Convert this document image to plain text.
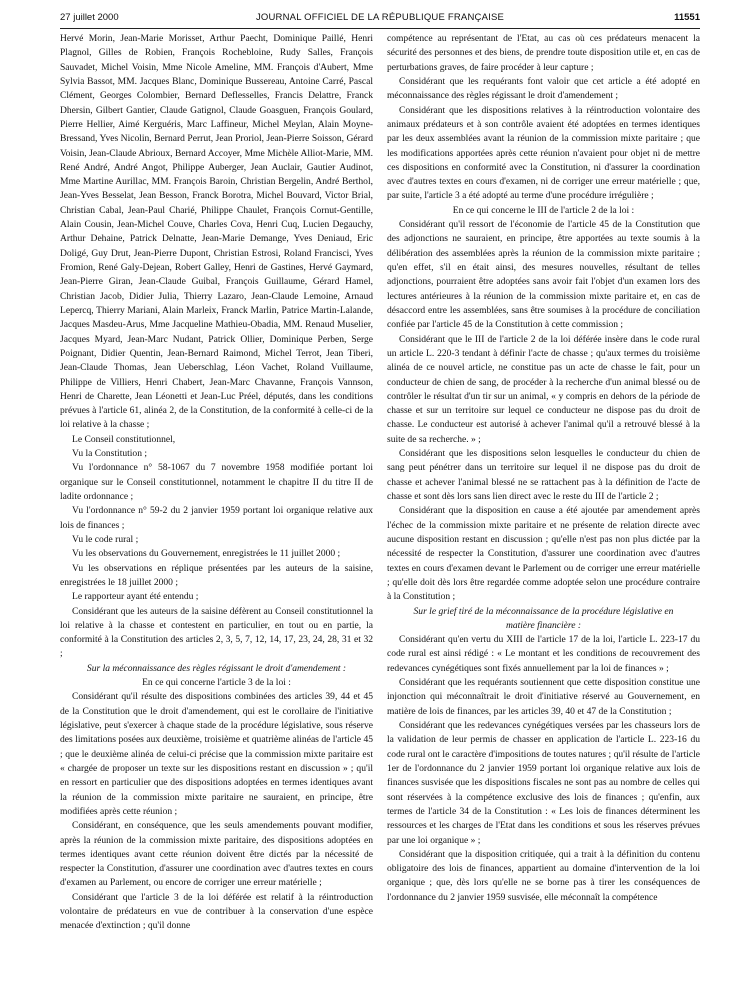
27 juillet 2000	JOURNAL OFFICIEL DE LA RÉPUBLIQUE FRANÇAISE	11551

Hervé Morin, Jean-Marie Morisset, Arthur Paecht, Dominique Paillé, Henri Plagnol, Gilles de Robien, François Rochebloine, Rudy Salles, François Sauvadet, Michel Voisin, Mme Nicole Ameline, MM. François d'Aubert, Mme Sylvia Bassot, MM. Jacques Blanc, Dominique Bussereau, Antoine Carré, Pascal Clément, Georges Colombier, Bernard Deflesselles, Francis Delattre, Franck Dhersin, Gilbert Gantier, Claude Gatignol, Claude Goasguen, François Goulard, Pierre Hellier, Aimé Kerguéris, Marc Laffineur, Michel Meylan, Alain Moyne-Bressand, Yves Nicolin, Bernard Perrut, Jean Proriol, Jean-Pierre Soisson, Gérard Voisin, Jean-Claude Abrioux, Bernard Accoyer, Mme Michèle Alliot-Marie, MM. René André, André Angot, Philippe Auberger, Jean Auclair, Gautier Audinot, Mme Martine Aurillac, MM. François Baroin, Christian Bergelin, André Berthol, Jean-Yves Besselat, Jean Besson, Franck Borotra, Michel Bouvard, Victor Brial, Christian Cabal, Jean-Paul Charié, Philippe Chaulet, François Cornut-Gentille, Alain Cousin, Jean-Michel Couve, Charles Cova, Henri Cuq, Lucien Degauchy, Arthur Dehaine, Patrick Delnatte, Jean-Marie Demange, Yves Deniaud, Eric Doligé, Guy Drut, Jean-Pierre Dupont, Christian Estrosi, Roland Francisci, Yves Fromion, René Galy-Dejean, Robert Galley, Henri de Gastines, Hervé Gaymard, Jean-Pierre Giran, Jean-Claude Guibal, François Guillaume, Gérard Hamel, Christian Jacob, Didier Julia, Thierry Lazaro, Jean-Claude Lemoine, Arnaud Lepercq, Thierry Mariani, Alain Marleix, Franck Marlin, Patrice Martin-Lalande, Jacques Masdeu-Arus, Mme Jacqueline Mathieu-Obadia, MM. Renaud Muselier, Jacques Myard, Jean-Marc Nudant, Patrick Ollier, Dominique Perben, Serge Poignant, Didier Quentin, Jean-Bernard Raimond, Michel Terrot, Jean Tiberi, Jean-Claude Thomas, Jean Ueberschlag, Léon Vachet, Roland Vuillaume, Philippe de Villiers, Henri Chabert, Jean-Marc Chavanne, François Vannson, Henri de Charette, Jean Léonetti et Jean-Luc Préel, députés, dans les conditions prévues à l'article 61, alinéa 2, de la Constitution, de la conformité à celle-ci de la loi relative à la chasse ;

Le Conseil constitutionnel,

Vu la Constitution ;

Vu l'ordonnance n° 58-1067 du 7 novembre 1958 modifiée portant loi organique sur le Conseil constitutionnel, notamment le chapitre II du titre II de ladite ordonnance ;

Vu l'ordonnance n° 59-2 du 2 janvier 1959 portant loi organique relative aux lois de finances ;

Vu le code rural ;

Vu les observations du Gouvernement, enregistrées le 11 juillet 2000 ;

Vu les observations en réplique présentées par les auteurs de la saisine, enregistrées le 18 juillet 2000 ;

Le rapporteur ayant été entendu ;

Considérant que les auteurs de la saisine défèrent au Conseil constitutionnel la loi relative à la chasse et contestent en particulier, en tout ou en partie, la conformité à la Constitution des articles 2, 3, 5, 7, 12, 14, 17, 23, 24, 28, 31 et 32 ;

Sur la méconnaissance des règles régissant le droit d'amendement :

En ce qui concerne l'article 3 de la loi :

Considérant qu'il résulte des dispositions combinées des articles 39, 44 et 45 de la Constitution que le droit d'amendement, qui est le corollaire de l'initiative législative, peut s'exercer à chaque stade de la procédure législative, sous réserve des limitations posées aux deuxième, troisième et quatrième alinéas de l'article 45 ; que le deuxième alinéa de celui-ci précise que la commission mixte paritaire est « chargée de proposer un texte sur les dispositions restant en discussion » ; qu'il en ressort en particulier que des dispositions adoptées en termes identiques avant la réunion de la commission mixte paritaire ne sauraient, en principe, être modifiées après cette réunion ;

Considérant, en conséquence, que les seuls amendements pouvant modifier, après la réunion de la commission mixte paritaire, des dispositions adoptées en termes identiques avant cette réunion doivent être dictés par la nécessité de respecter la Constitution, d'assurer une coordination avec d'autres textes en cours d'examen au Parlement, ou encore de corriger une erreur matérielle ;

Considérant que l'article 3 de la loi déférée est relatif à la réintroduction volontaire de prédateurs en vue de contribuer à la conservation d'une espèce menacée d'extinction ; qu'il donne

compétence au représentant de l'Etat, au cas où ces prédateurs menacent la sécurité des personnes et des biens, de prendre toute disposition utile et, en cas de perturbations graves, de faire procéder à leur capture ;

Considérant que les requérants font valoir que cet article a été adopté en méconnaissance des règles régissant le droit d'amendement ;

Considérant que les dispositions relatives à la réintroduction volontaire des animaux prédateurs et à son contrôle avaient été adoptées en termes identiques par les deux assemblées avant la réunion de la commission mixte paritaire ; que les modifications apportées après cette réunion n'avaient pour objet ni de mettre ces dispositions en conformité avec la Constitution, ni d'assurer la coordination avec d'autres textes en cours d'examen, ni de corriger une erreur matérielle ; que, par suite, l'article 3 a été adopté au terme d'une procédure irrégulière ;

En ce qui concerne le III de l'article 2 de la loi :

Considérant qu'il ressort de l'économie de l'article 45 de la Constitution que des adjonctions ne sauraient, en principe, être apportées au texte soumis à la délibération des assemblées après la réunion de la commission mixte paritaire ; qu'en effet, s'il en était ainsi, des mesures nouvelles, résultant de telles adjonctions, pourraient être adoptées sans avoir fait l'objet d'un examen lors des lectures antérieures à la réunion de la commission mixte paritaire et, en cas de désaccord entre les assemblées, sans être soumises à la procédure de conciliation confiée par l'article 45 de la Constitution à cette commission ;

Considérant que le III de l'article 2 de la loi déférée insère dans le code rural un article L. 220-3 tendant à définir l'acte de chasse ; qu'aux termes du troisième alinéa de ce nouvel article, ne constitue pas un acte de chasse le fait, pour un conducteur de chien de sang, de procéder à la recherche d'un animal blessé ou de contrôler le résultat d'un tir sur un animal, « y compris en dehors de la période de chasse et sur un territoire sur lequel ce conducteur ne dispose pas du droit de chasse. Le conducteur est autorisé à achever l'animal qu'il a retrouvé blessé à la suite de sa recherche. » ;

Considérant que les dispositions selon lesquelles le conducteur du chien de sang peut pénétrer dans un territoire sur lequel il ne dispose pas du droit de chasse et achever l'animal blessé ne se rattachent pas à la définition de l'acte de chasse et sont dès lors sans lien direct avec le reste du III de l'article 2 ;

Considérant que la disposition en cause a été ajoutée par amendement après l'échec de la commission mixte paritaire et ne présente de relation directe avec aucune disposition restant en discussion ; qu'elle n'est pas non plus dictée par la nécessité de respecter la Constitution, d'assurer une coordination avec d'autres textes en cours d'examen devant le Parlement ou de corriger une erreur matérielle ; qu'elle doit dès lors être regardée comme adoptée selon une procédure contraire à la Constitution ;

Sur le grief tiré de la méconnaissance de la procédure législative en matière financière :

Considérant qu'en vertu du XIII de l'article 17 de la loi, l'article L. 223-17 du code rural est ainsi rédigé : « Le montant et les conditions de recouvrement des redevances cynégétiques sont fixés annuellement par la loi de finances » ;

Considérant que les requérants soutiennent que cette disposition constitue une injonction qui méconnaîtrait le droit d'initiative réservé au Gouvernement, en matière de lois de finances, par les articles 39, 40 et 47 de la Constitution ;

Considérant que les redevances cynégétiques versées par les chasseurs lors de la validation de leur permis de chasser en application de l'article L. 223-16 du code rural ont le caractère d'impositions de toutes natures ; qu'il résulte de l'article 1er de l'ordonnance du 2 janvier 1959 portant loi organique relative aux lois de finances susvisée que les dispositions fiscales ne sont pas au nombre de celles qui sont réservées à la compétence exclusive des lois de finances ; qu'enfin, aux termes de l'article 34 de la Constitution : « Les lois de finances déterminent les ressources et les charges de l'Etat dans les conditions et sous les réserves prévues par une loi organique » ;

Considérant que la disposition critiquée, qui a trait à la définition du contenu obligatoire des lois de finances, appartient au domaine d'intervention de la loi organique ; que, dès lors qu'elle ne se borne pas à tirer les conséquences de l'ordonnance du 2 janvier 1959 susvisée, elle méconnaît la compétence
